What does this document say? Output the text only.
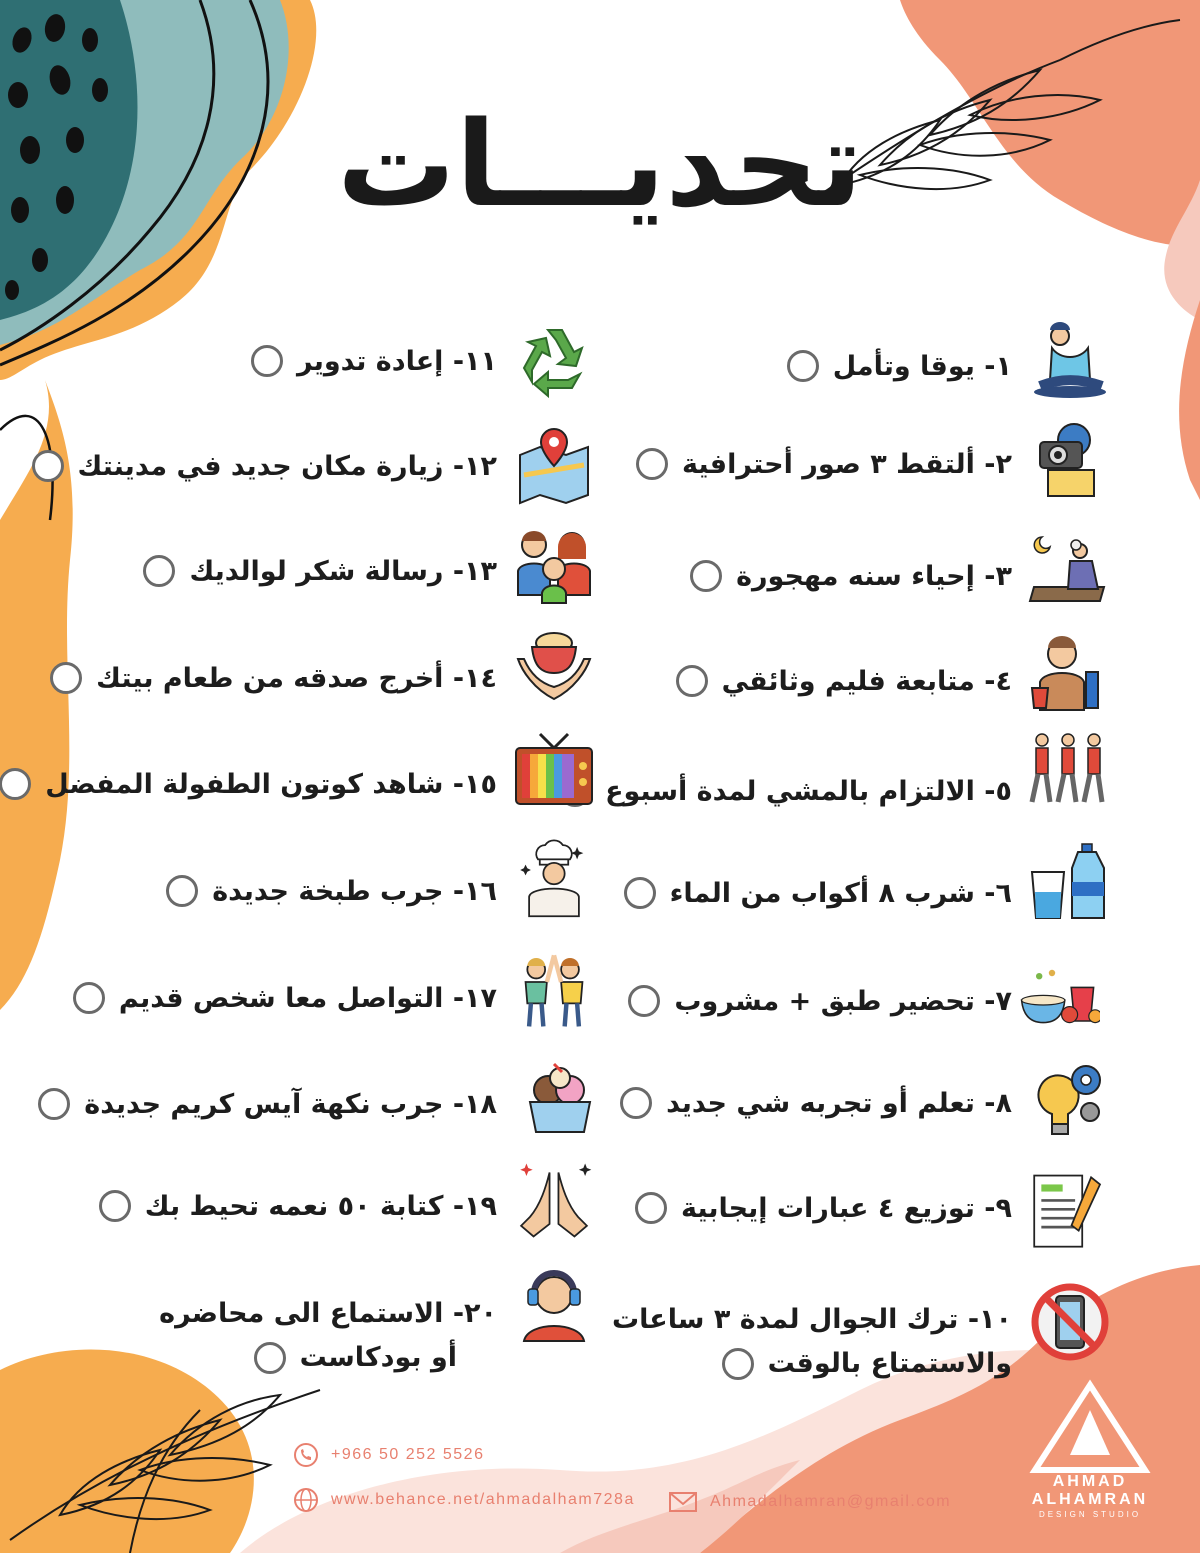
تحديـــات
١- يوقا وتأمل
٢- ألتقط ٣ صور أحترافية
٣- إحياء سنه مهجورة
٤- متابعة فليم وثائقي
٥- الالتزام بالمشي لمدة أسبوع
٦- شرب ٨ أكواب من الماء
٧- تحضير طبق + مشروب
٨- تعلم أو تجربه شي جديد
٩- توزيع ٤ عبارات إيجابية
١٠- ترك الجوال لمدة ٣ ساعات
والاستمتاع بالوقت
١١- إعادة تدوير
١٢- زيارة مكان جديد في مدينتك
١٣- رسالة شكر لوالديك
١٤- أخرج صدقه من طعام بيتك
١٥- شاهد كوتون الطفولة المفضل
١٦- جرب طبخة جديدة
١٧- التواصل معا شخص قديم
١٨- جرب نكهة آيس كريم جديدة
١٩- كتابة ٥٠ نعمه تحيط بك
٢٠- الاستماع الى محاضره
أو بودكاست
+966 50 252 5526
www.behance.net/ahmadalham728a	Ahmadalhamran@gmail.com
AHMAD
ALHAMRAN
DESIGN STUDIO
